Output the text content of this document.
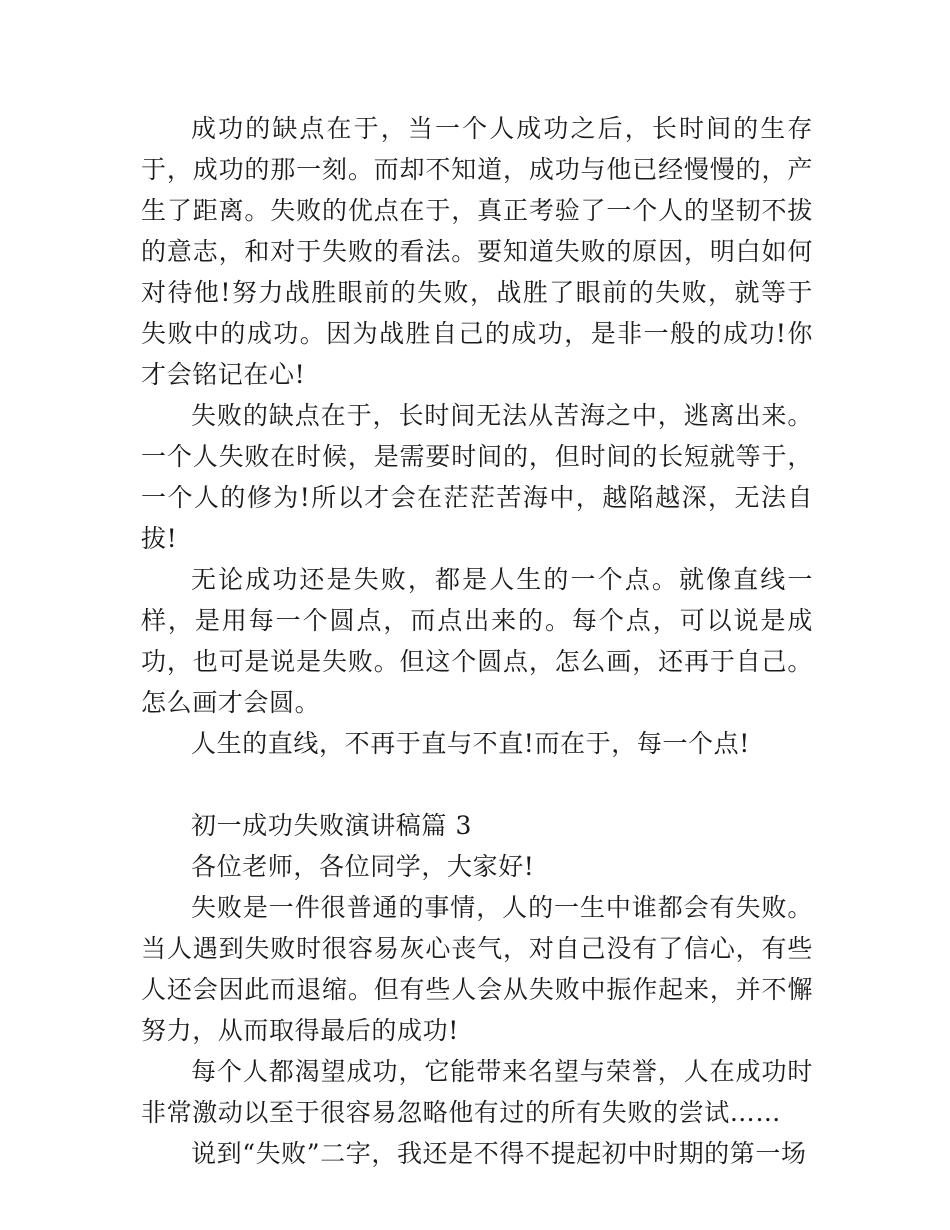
成功的缺点在于，当一个人成功之后，长时间的生存于，成功的那一刻。而却不知道，成功与他已经慢慢的，产生了距离。失败的优点在于，真正考验了一个人的坚韧不拔的意志，和对于失败的看法。要知道失败的原因，明白如何对待他!努力战胜眼前的失败，战胜了眼前的失败，就等于失败中的成功。因为战胜自己的成功，是非一般的成功!你才会铭记在心!

失败的缺点在于，长时间无法从苦海之中，逃离出来。一个人失败在时候，是需要时间的，但时间的长短就等于，一个人的修为!所以才会在茫茫苦海中，越陷越深，无法自拔!

无论成功还是失败，都是人生的一个点。就像直线一样，是用每一个圆点，而点出来的。每个点，可以说是成功，也可是说是失败。但这个圆点，怎么画，还再于自己。怎么画才会圆。

人生的直线，不再于直与不直!而在于，每一个点!

初一成功失败演讲稿篇 3

各位老师，各位同学，大家好!

失败是一件很普通的事情，人的一生中谁都会有失败。当人遇到失败时很容易灰心丧气，对自己没有了信心，有些人还会因此而退缩。但有些人会从失败中振作起来，并不懈努力，从而取得最后的成功!

每个人都渴望成功，它能带来名望与荣誉，人在成功时非常激动以至于很容易忽略他有过的所有失败的尝试……

说到“失败”二字，我还是不得不提起初中时期的第一场
